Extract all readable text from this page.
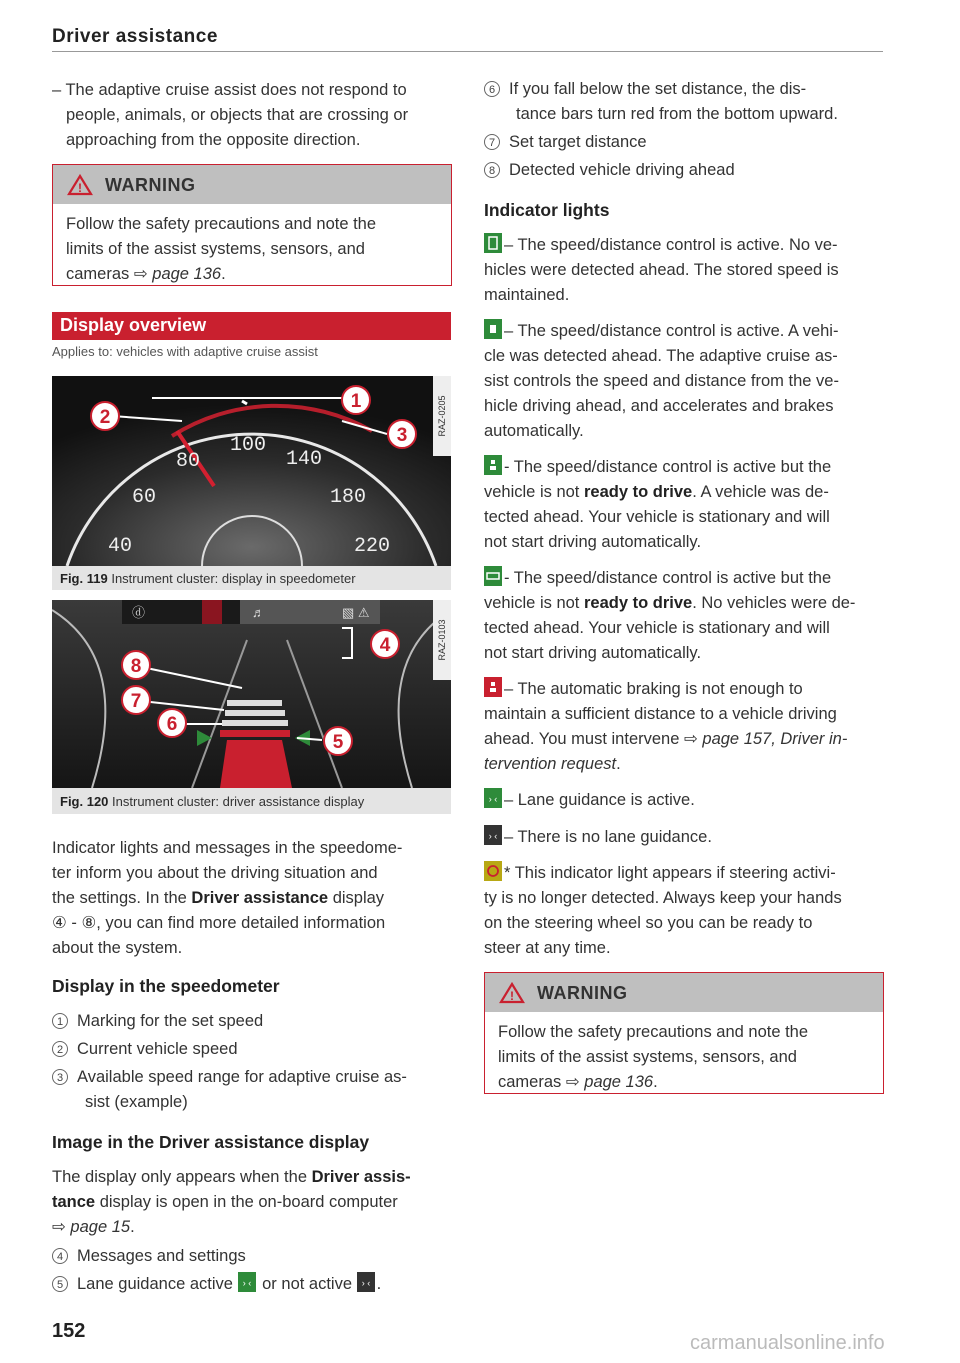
Driver assistance
– The adaptive cruise assist does not respond to
people, animals, or objects that are crossing or
approaching from the opposite direction.
! WARNING
Follow the safety precautions and note the
limits of the assist systems, sensors, and
cameras ⇨ page 136.
Display overview
Applies to: vehicles with adaptive cruise assist
40
60
80
100
140
180
220
1
2
3	RAZ-0205
Fig. 119 Instrument cluster: display in speedometer
ⓓ	♬	▧ ⚠
4
5
6
7
8
RAZ-0103
Fig. 120 Instrument cluster: driver assistance display
Indicator lights and messages in the speedome-
ter inform you about the driving situation and
the settings. In the Driver assistance display
④ - ⑧, you can find more detailed information
about the system.
Display in the speedometer
1 Marking for the set speed
2 Current vehicle speed
3 Available speed range for adaptive cruise as-
sist (example)
Image in the Driver assistance display
The display only appears when the Driver assis-
tance display is open in the on-board computer
⇨ page 15.
4 Messages and settings
5 Lane guidance active › ‹ or not active › ‹ .
152
6 If you fall below the set distance, the dis-
tance bars turn red from the bottom upward.
7 Set target distance
8 Detected vehicle driving ahead
Indicator lights
– The speed/distance control is active. No ve-
hicles were detected ahead. The stored speed is
maintained.
– The speed/distance control is active. A vehi-
cle was detected ahead. The adaptive cruise as-
sist controls the speed and distance from the ve-
hicle driving ahead, and accelerates and brakes
automatically.
- The speed/distance control is active but the
vehicle is not ready to drive. A vehicle was de-
tected ahead. Your vehicle is stationary and will
not start driving automatically.
- The speed/distance control is active but the
vehicle is not ready to drive. No vehicles were de-
tected ahead. Your vehicle is stationary and will
not start driving automatically.
– The automatic braking is not enough to
maintain a sufficient distance to a vehicle driving
ahead. You must intervene ⇨ page 157, Driver in-
tervention request.
› ‹ – Lane guidance is active.
› ‹ – There is no lane guidance.
* This indicator light appears if steering activi-
ty is no longer detected. Always keep your hands
on the steering wheel so you can be ready to
steer at any time.
! WARNING
Follow the safety precautions and note the
limits of the assist systems, sensors, and
cameras ⇨ page 136.
carmanualsonline.info
